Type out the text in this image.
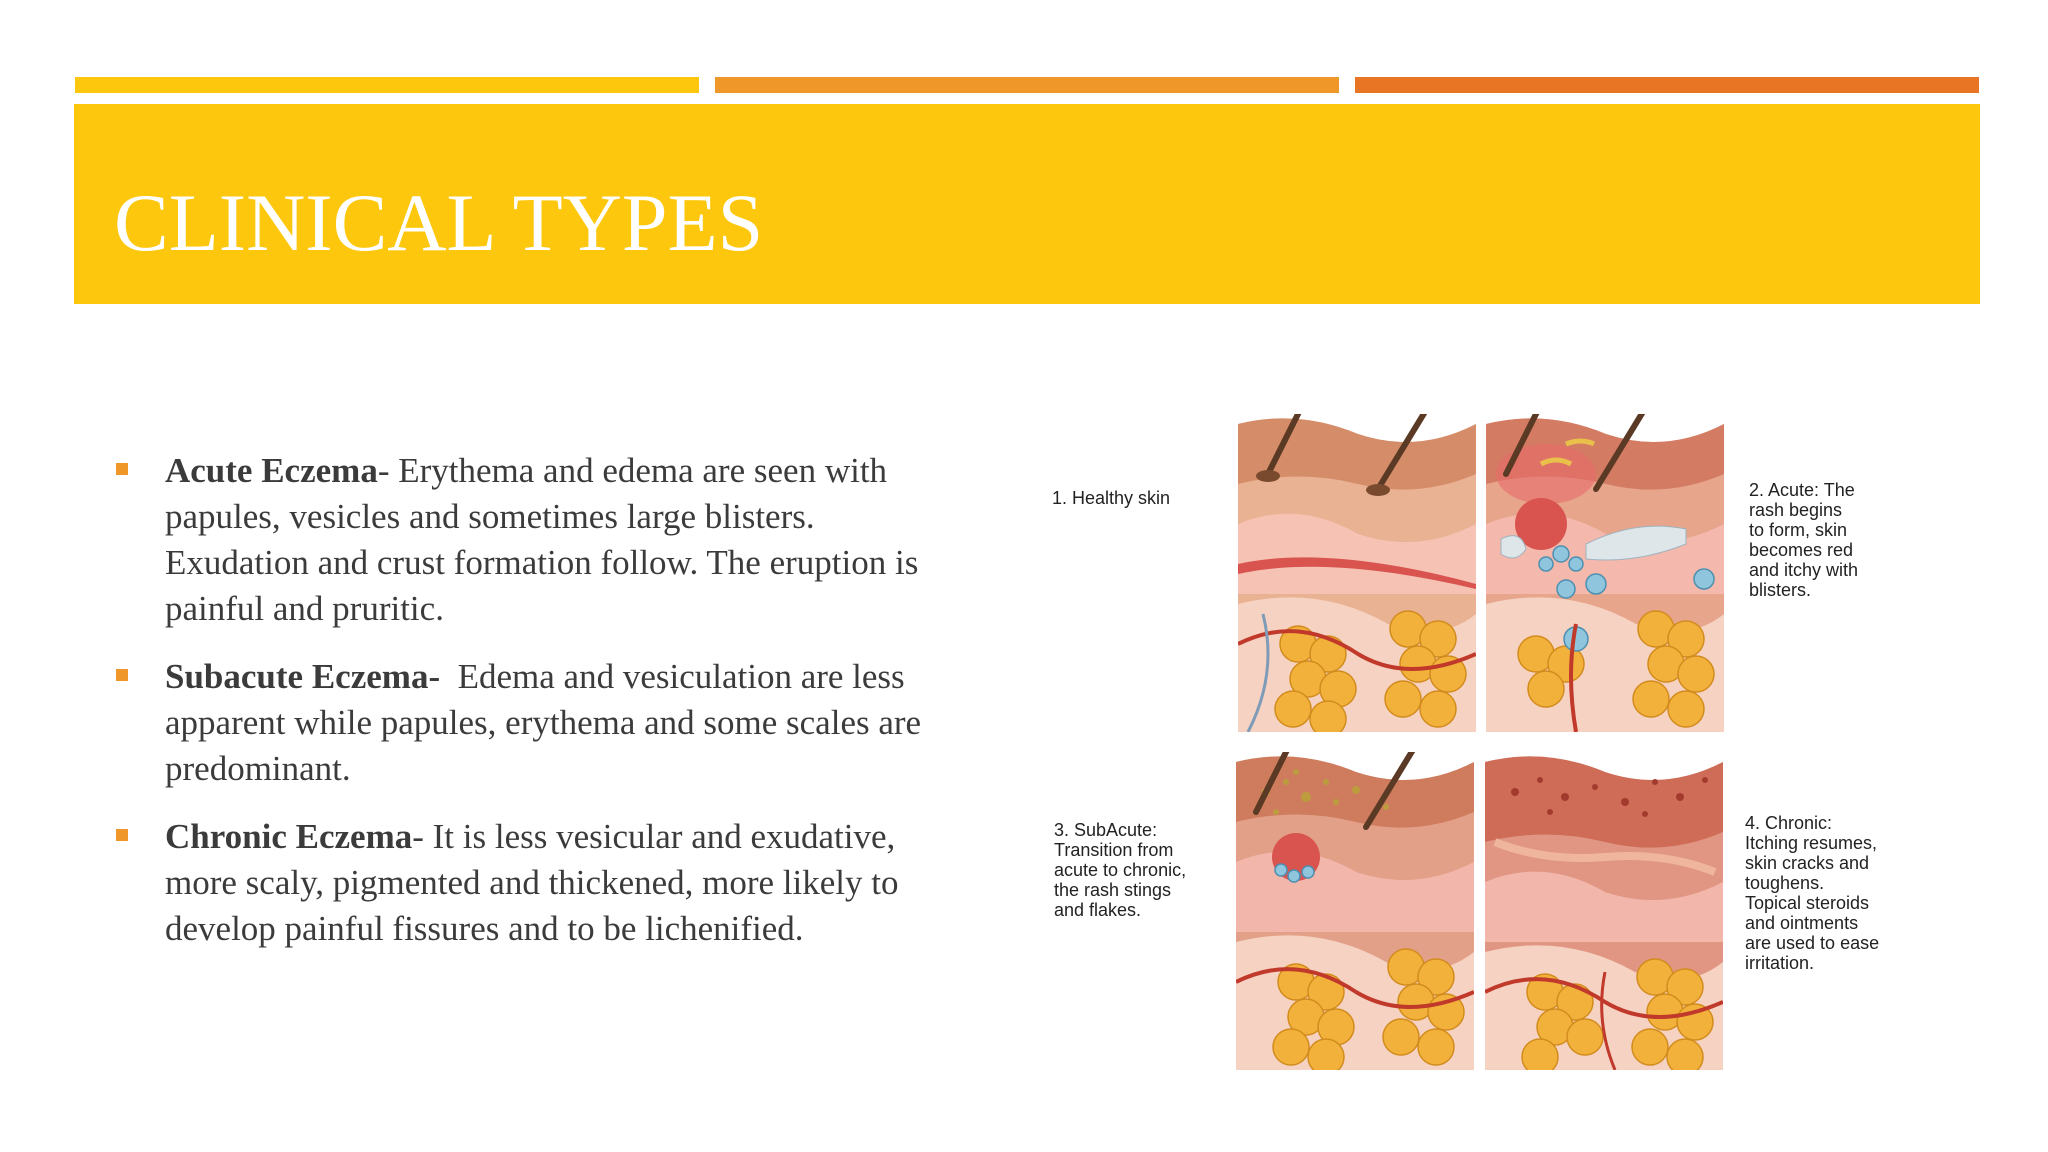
CLINICAL TYPES
Acute Eczema- Erythema and edema are seen with papules, vesicles and sometimes large blisters. Exudation and crust formation follow. The eruption is painful and pruritic.
Subacute Eczema-  Edema and vesiculation are less apparent while papules, erythema and some scales are predominant.
Chronic Eczema- It is less vesicular and exudative, more scaly, pigmented and thickened, more likely to develop painful fissures and to be lichenified.
1. Healthy skin	2. Acute: The
rash begins
to form, skin
becomes red
and itchy with
blisters.
3. SubAcute:
Transition from
acute to chronic,
the rash stings
and flakes.
4. Chronic:
Itching resumes,
skin cracks and
toughens.
Topical steroids
and ointments
are used to ease
irritation.
